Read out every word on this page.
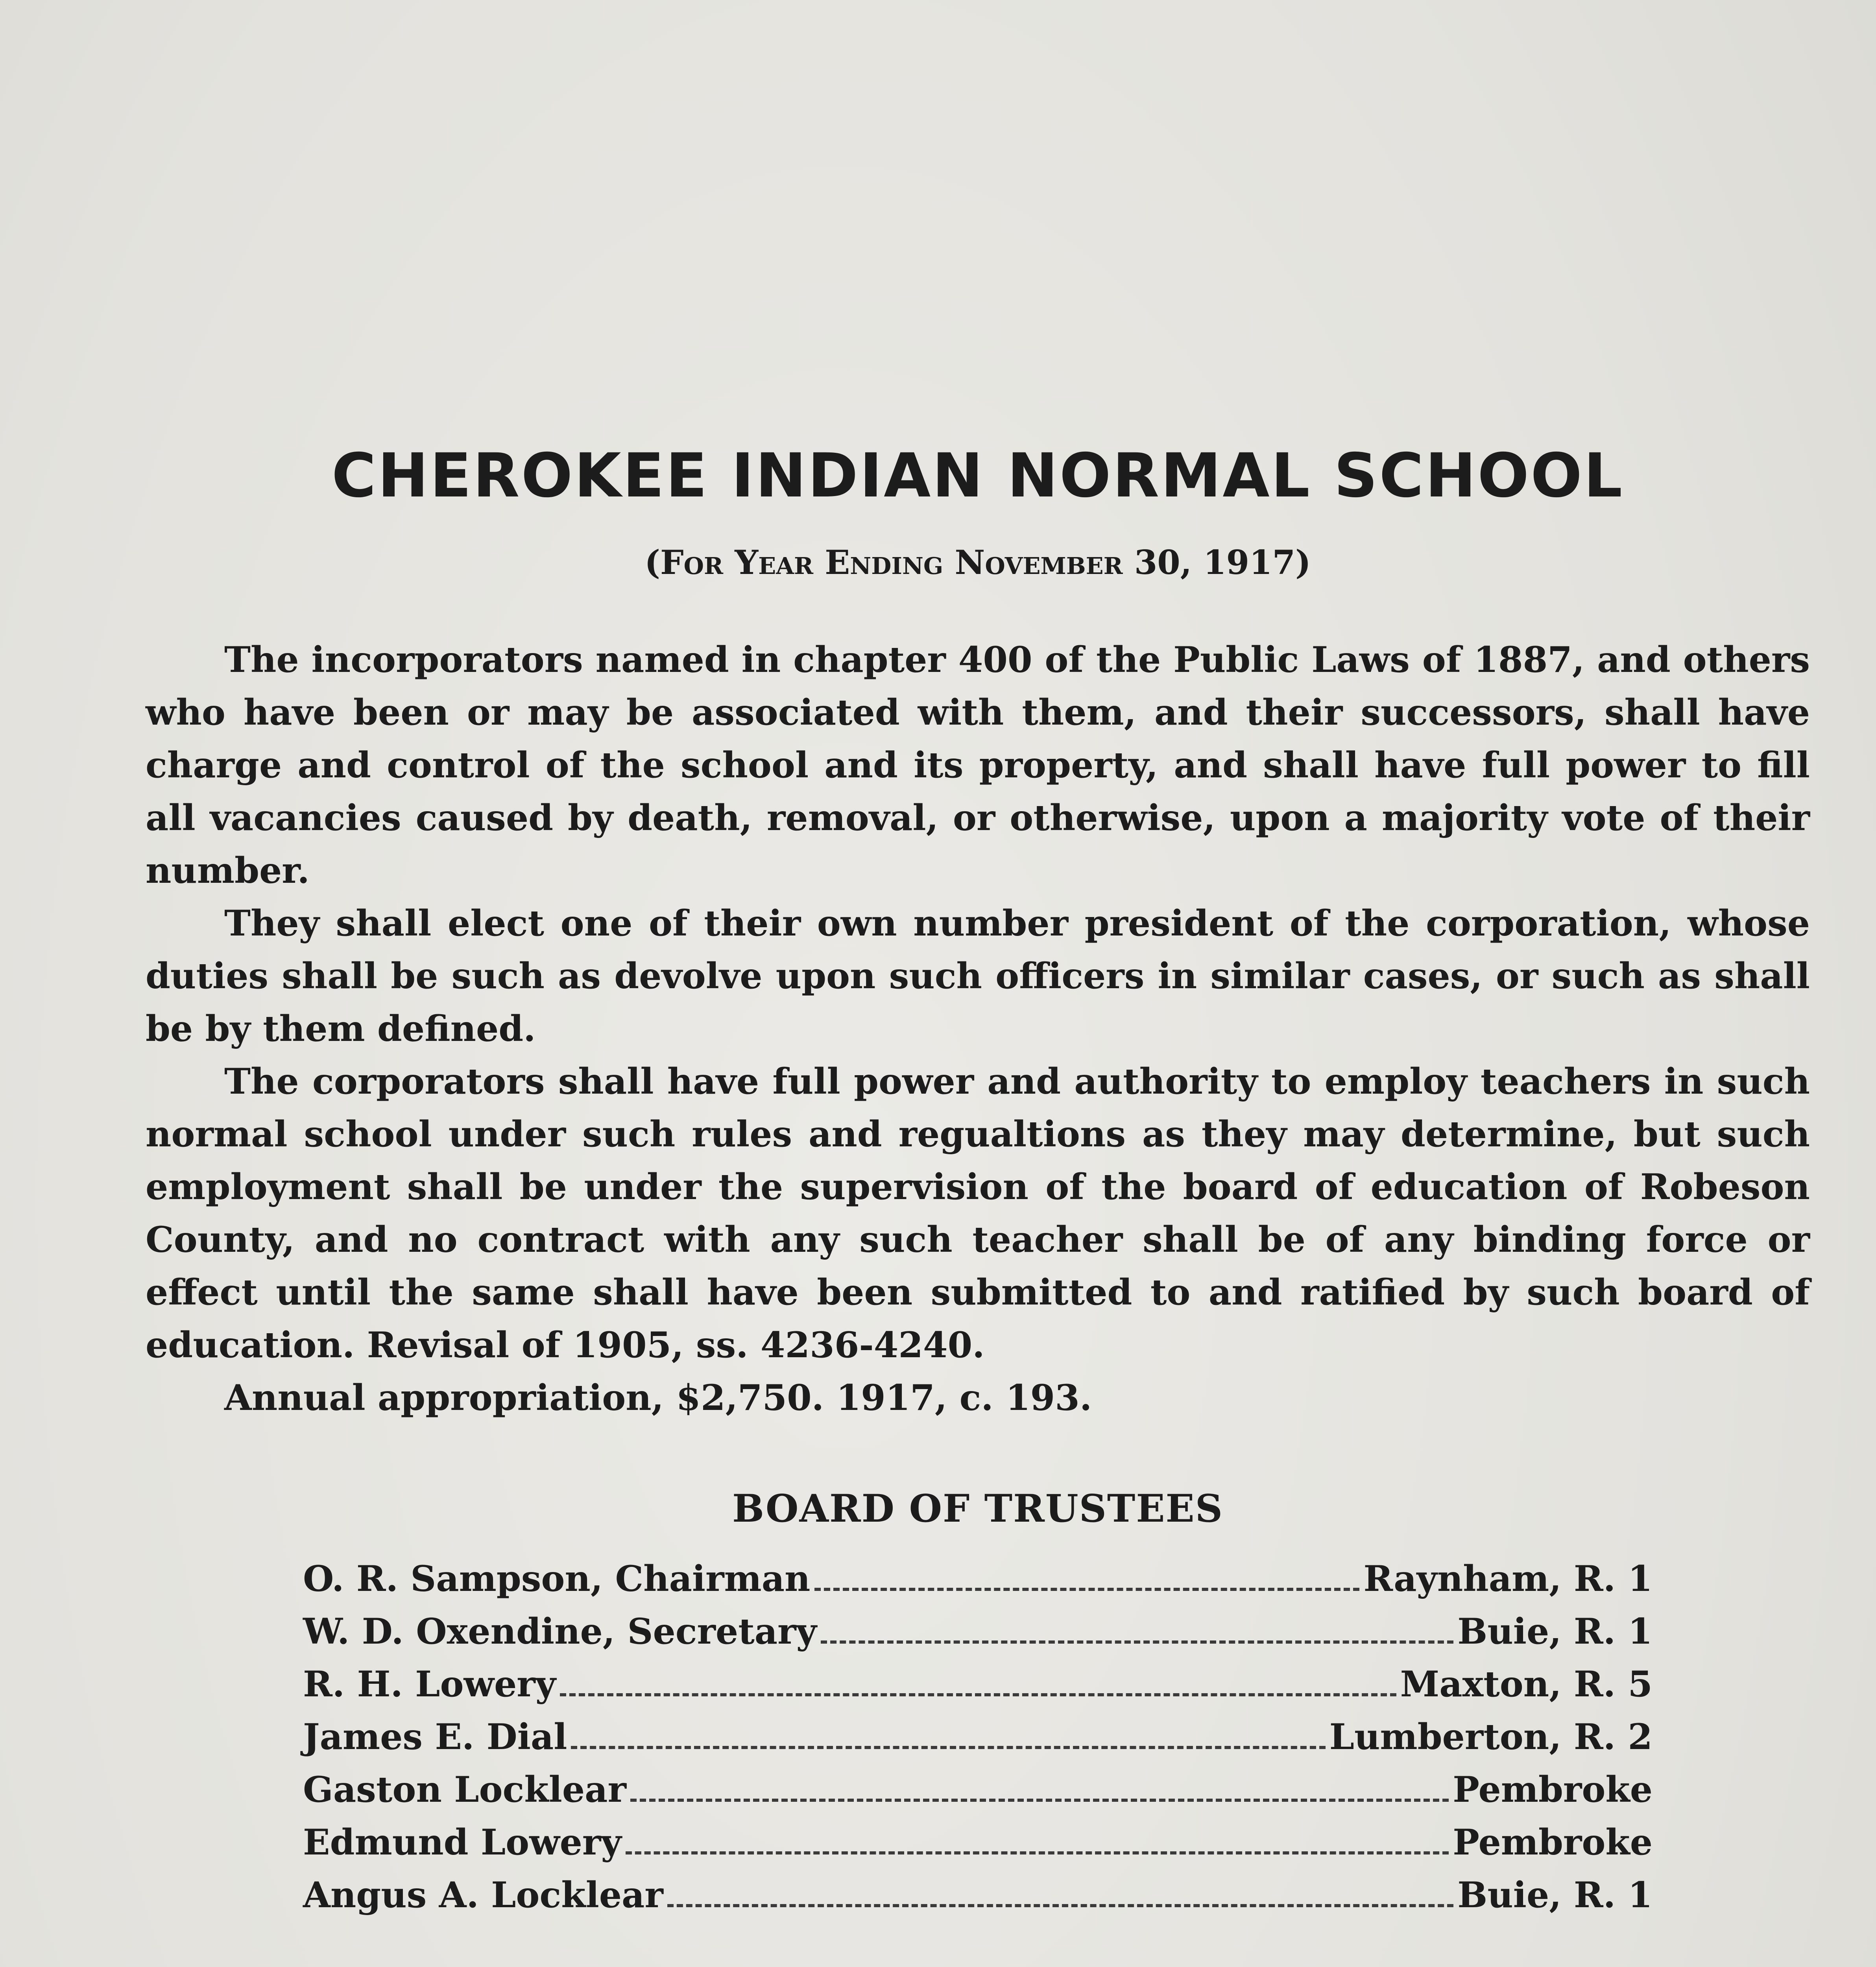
CHEROKEE INDIAN NORMAL SCHOOL
(For Year Ending November 30, 1917)

The incorporators named in chapter 400 of the Public Laws of 1887, and others who have been or may be associated with them, and their successors, shall have charge and control of the school and its property, and shall have full power to fill all vacancies caused by death, removal, or otherwise, upon a majority vote of their number.

They shall elect one of their own number president of the corporation, whose duties shall be such as devolve upon such officers in similar cases, or such as shall be by them defined.

The corporators shall have full power and authority to employ teachers in such normal school under such rules and regualtions as they may determine, but such employment shall be under the supervision of the board of education of Robeson County, and no contract with any such teacher shall be of any binding force or effect until the same shall have been submitted to and ratified by such board of education. Revisal of 1905, ss. 4236-4240.

Annual appropriation, $2,750. 1917, c. 193.

BOARD OF TRUSTEES
O. R. Sampson, Chairman	Raynham, R. 1
W. D. Oxendine, Secretary	Buie, R. 1
R. H. Lowery	Maxton, R. 5
James E. Dial	Lumberton, R. 2
Gaston Locklear	Pembroke
Edmund Lowery	Pembroke
Angus A. Locklear	Buie, R. 1
